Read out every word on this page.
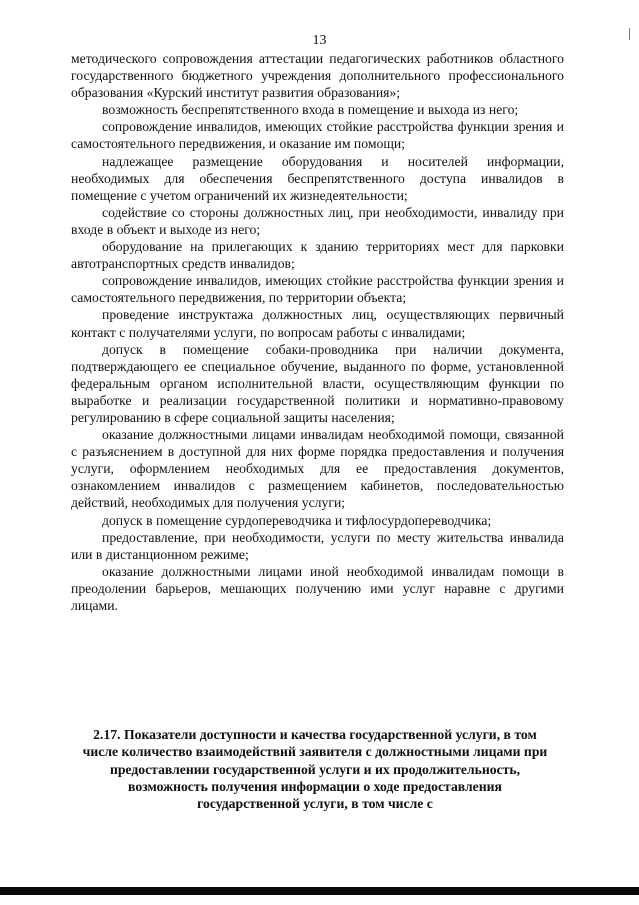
13

методического сопровождения аттестации педагогических работников областного государственного бюджетного учреждения дополнительного профессионального образования «Курский институт развития образования»;

возможность беспрепятственного входа в помещение и выхода из него;

сопровождение инвалидов, имеющих стойкие расстройства функции зрения и самостоятельного передвижения, и оказание им помощи;

надлежащее размещение оборудования и носителей информации, необходимых для обеспечения беспрепятственного доступа инвалидов в помещение с учетом ограничений их жизнедеятельности;

содействие со стороны должностных лиц, при необходимости, инвалиду при входе в объект и выходе из него;

оборудование на прилегающих к зданию территориях мест для парковки автотранспортных средств инвалидов;

сопровождение инвалидов, имеющих стойкие расстройства функции зрения и самостоятельного передвижения, по территории объекта;

проведение инструктажа должностных лиц, осуществляющих первичный контакт с получателями услуги, по вопросам работы с инвалидами;

допуск в помещение собаки-проводника при наличии документа, подтверждающего ее специальное обучение, выданного по форме, установленной федеральным органом исполнительной власти, осуществляющим функции по выработке и реализации государственной политики и нормативно-правовому регулированию в сфере социальной защиты населения;

оказание должностными лицами инвалидам необходимой помощи, связанной с разъяснением в доступной для них форме порядка предоставления и получения услуги, оформлением необходимых для ее предоставления документов, ознакомлением инвалидов с размещением кабинетов, последовательностью действий, необходимых для получения услуги;

допуск в помещение сурдопереводчика и тифлосурдопереводчика;

предоставление, при необходимости, услуги по месту жительства инвалида или в дистанционном режиме;

оказание должностными лицами иной необходимой инвалидам помощи в преодолении барьеров, мешающих получению ими услуг наравне с другими лицами.

2.17. Показатели доступности и качества государственной услуги, в том числе количество взаимодействий заявителя с должностными лицами при предоставлении государственной услуги и их продолжительность, возможность получения информации о ходе предоставления государственной услуги, в том числе с
